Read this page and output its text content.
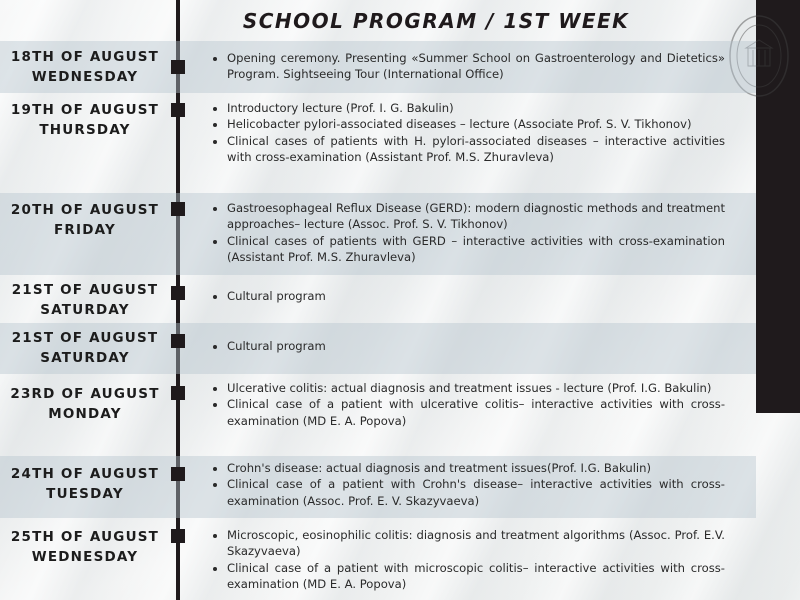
SCHOOL PROGRAM / 1ST WEEK
18TH OF AUGUST
WEDNESDAY
• Opening ceremony. Presenting «Summer School on Gastroenterology and Dietetics» Program. Sightseeing Tour (International Office)
19TH OF AUGUST
THURSDAY
• Introductory lecture (Prof. I. G. Bakulin)
• Helicobacter pylori-associated diseases – lecture (Associate Prof. S. V. Tikhonov)
• Clinical cases of patients with H. pylori-associated diseases – interactive activities with cross-examination (Assistant Prof. M.S. Zhuravleva)
20TH OF AUGUST
FRIDAY
• Gastroesophageal Reflux Disease (GERD): modern diagnostic methods and treatment approaches– lecture (Assoc. Prof. S. V. Tikhonov)
• Clinical cases of patients with GERD – interactive activities with cross-examination (Assistant Prof. M.S. Zhuravleva)
21ST OF AUGUST
SATURDAY
• Cultural program
21ST OF AUGUST
SATURDAY
• Cultural program
23RD OF AUGUST
MONDAY
• Ulcerative colitis: actual diagnosis and treatment issues - lecture (Prof. I.G. Bakulin)
• Clinical case of a patient with ulcerative colitis– interactive activities with cross-examination (MD E. A. Popova)
24TH OF AUGUST
TUESDAY
• Crohn's disease: actual diagnosis and treatment issues(Prof. I.G. Bakulin)
• Clinical case of a patient with Crohn's disease– interactive activities with cross-examination (Assoc. Prof. E. V. Skazyvaeva)
25TH OF AUGUST
WEDNESDAY
• Microscopic, eosinophilic colitis: diagnosis and treatment algorithms (Assoc. Prof. E.V. Skazyvaeva)
• Clinical case of a patient with microscopic colitis– interactive activities with cross-examination (MD E. A. Popova)
